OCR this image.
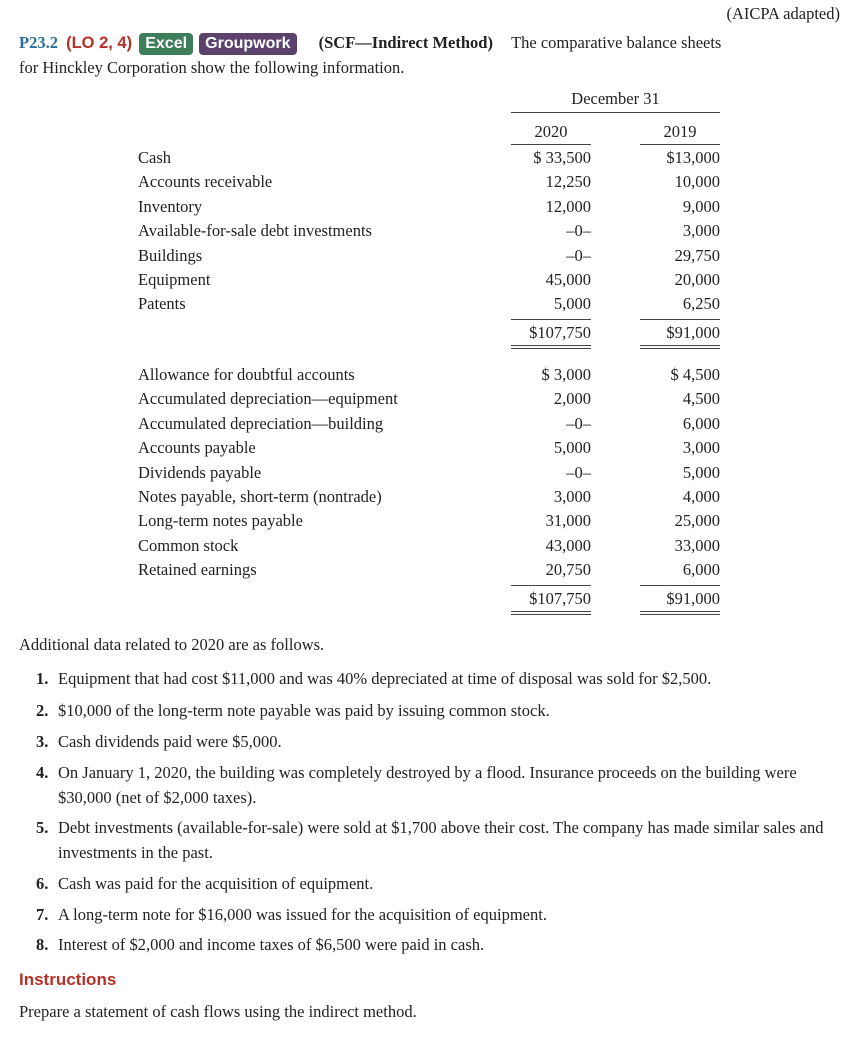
(AICPA adapted)
P23.2 (LO 2, 4) Excel Groupwork (SCF—Indirect Method) The comparative balance sheets
for Hinckley Corporation show the following information.
December 31
2020	2019
Cash	$ 33,500	$13,000
Accounts receivable	12,250	10,000
Inventory	12,000	9,000
Available-for-sale debt investments	–0–	3,000
Buildings	–0–	29,750
Equipment	45,000	20,000
Patents	5,000	6,250
$107,750	$91,000
Allowance for doubtful accounts	$ 3,000	$ 4,500
Accumulated depreciation—equipment	2,000	4,500
Accumulated depreciation—building	–0–	6,000
Accounts payable	5,000	3,000
Dividends payable	–0–	5,000
Notes payable, short-term (nontrade)	3,000	4,000
Long-term notes payable	31,000	25,000
Common stock	43,000	33,000
Retained earnings	20,750	6,000
$107,750	$91,000
Additional data related to 2020 are as follows.
1. Equipment that had cost $11,000 and was 40% depreciated at time of disposal was sold for $2,500.
2. $10,000 of the long-term note payable was paid by issuing common stock.
3. Cash dividends paid were $5,000.
4. On January 1, 2020, the building was completely destroyed by a flood. Insurance proceeds on the building were $30,000 (net of $2,000 taxes).
5. Debt investments (available-for-sale) were sold at $1,700 above their cost. The company has made similar sales and investments in the past.
6. Cash was paid for the acquisition of equipment.
7. A long-term note for $16,000 was issued for the acquisition of equipment.
8. Interest of $2,000 and income taxes of $6,500 were paid in cash.
Instructions
Prepare a statement of cash flows using the indirect method.
